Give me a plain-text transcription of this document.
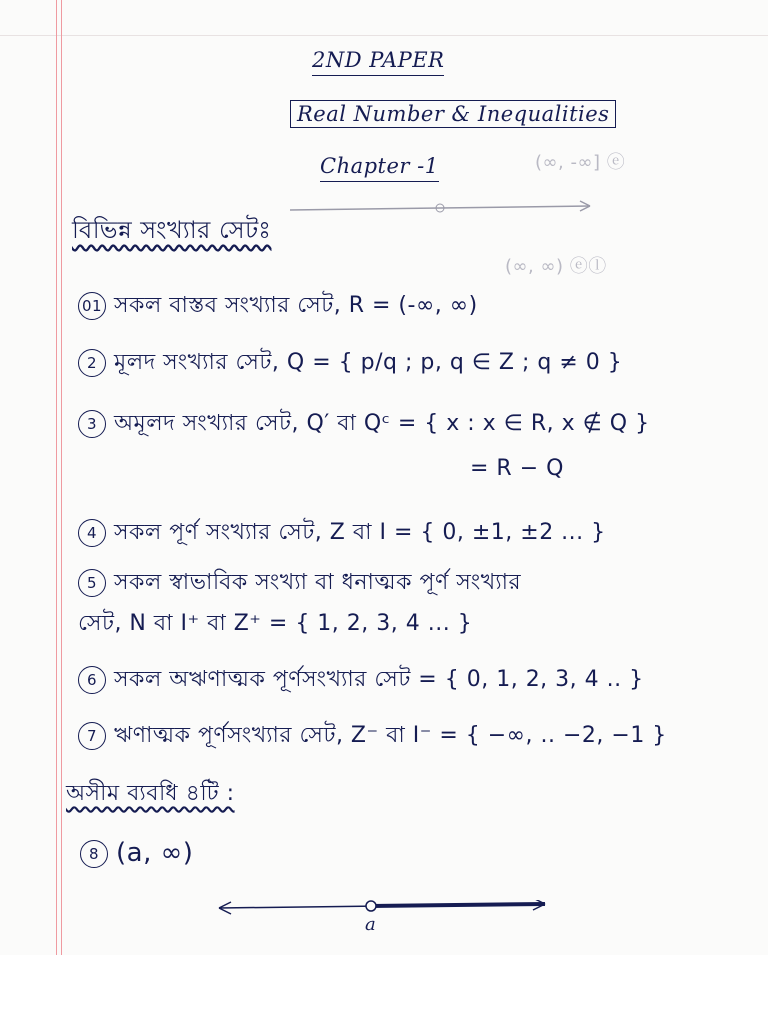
2ND PAPER
Real Number & Inequalities
Chapter -1	(∞, -∞] ⓔ
বিভিন্ন সংখ্যার সেটঃ
(∞, ∞) ⓔⓛ
01 সকল বাস্তব সংখ্যার সেট, R = (-∞, ∞)
2 মূলদ সংখ্যার সেট, Q = { p/q ; p, q ∈ Z ; q ≠ 0 }
3 অমূলদ সংখ্যার সেট, Q′ বা Qᶜ = { x : x ∈ R, x ∉ Q }
= R − Q
4 সকল পূর্ণ সংখ্যার সেট, Z বা I = { 0, ±1, ±2 ... }
5 সকল স্বাভাবিক সংখ্যা বা ধনাত্মক পূর্ণ সংখ্যার
সেট, N বা I⁺ বা Z⁺ = { 1, 2, 3, 4 ... }
6 সকল অঋণাত্মক পূর্ণসংখ্যার সেট = { 0, 1, 2, 3, 4 .. }
7 ঋণাত্মক পূর্ণসংখ্যার সেট, Z⁻ বা I⁻ = { −∞, .. −2, −1 }
অসীম ব্যবধি ৪টি :
8 (a, ∞)
a
